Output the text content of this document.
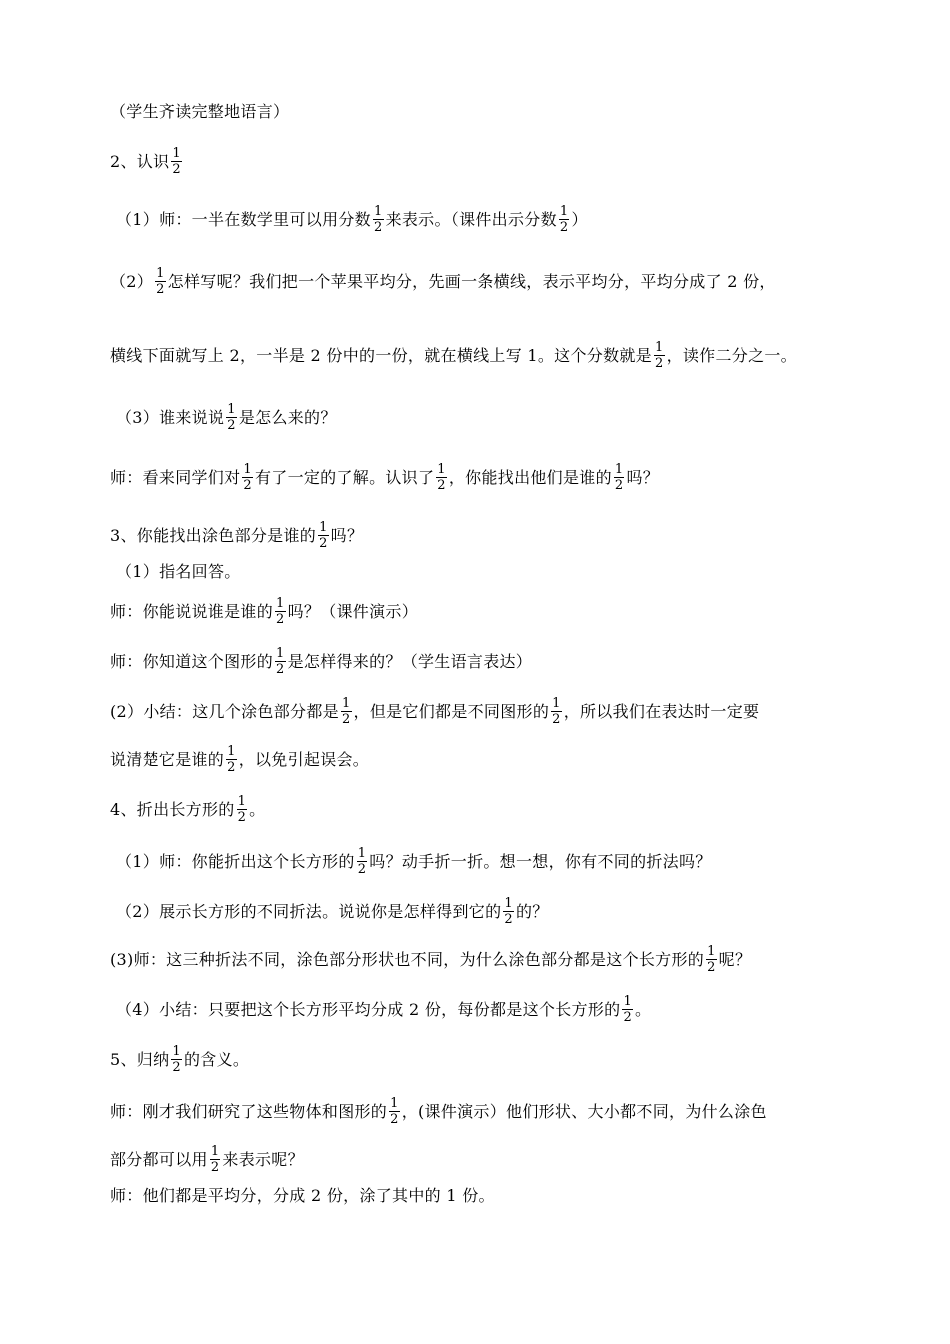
（学生齐读完整地语言）
2、认识 $\frac{1}{2}$
（1）师：一半在数学里可以用分数 $\frac{1}{2}$ 来表示。（课件出示分数 $\frac{1}{2}$ ）
$(2) \frac{1}{2}$ 怎样写呢？我们把一个苹果平均分，先画一条横线，表示平均分，平均分成了 2 份，
横线下面就写上 2，一半是 2 份中的一份，就在横线上写 1。这个分数就是 $\frac{1}{2}$ ，读作二分之一。
（3）谁来说说 $\frac{1}{2}$ 是怎么来的？
师：看来同学们对 $\frac{1}{2}$ 有了一定的了解。认识了 $\frac{1}{2}$ ，你能找出他们是谁的 $\frac{1}{2}$ 吗？
3、你能找出涂色部分是谁的 $\frac{1}{2}$ 吗？
（1）指名回答。
师：你能说说谁是谁的 $\frac{1}{2}$ 吗？（课件演示）
师：你知道这个图形的 $\frac{1}{2}$ 是怎样得来的？（学生语言表达）
(2）小结：这几个涂色部分都是 $\frac{1}{2}$ ，但是它们都是不同图形的 $\frac{1}{2}$ ，所以我们在表达时一定要
说清楚它是谁的 $\frac{1}{2}$ ，以免引起误会。
4、折出长方形的 $\frac{1}{2}$ 。
（1）师：你能折出这个长方形的 $\frac{1}{2}$ 吗？动手折一折。想一想，你有不同的折法吗？
（2）展示长方形的不同折法。说说你是怎样得到它的 $\frac{1}{2}$ 的？
(3)师：这三种折法不同，涂色部分形状也不同，为什么涂色部分都是这个长方形的 $\frac{1}{2}$ 呢？
（4）小结：只要把这个长方形平均分成 2 份，每份都是这个长方形的 $\frac{1}{2}$ 。
5、归纳 $\frac{1}{2}$ 的含义。
师：刚才我们研究了这些物体和图形的 $\frac{1}{2}$ ，(课件演示）他们形状、大小都不同，为什么涂色
部分都可以用 $\frac{1}{2}$ 来表示呢？
师：他们都是平均分，分成 2 份，涂了其中的 1 份。
